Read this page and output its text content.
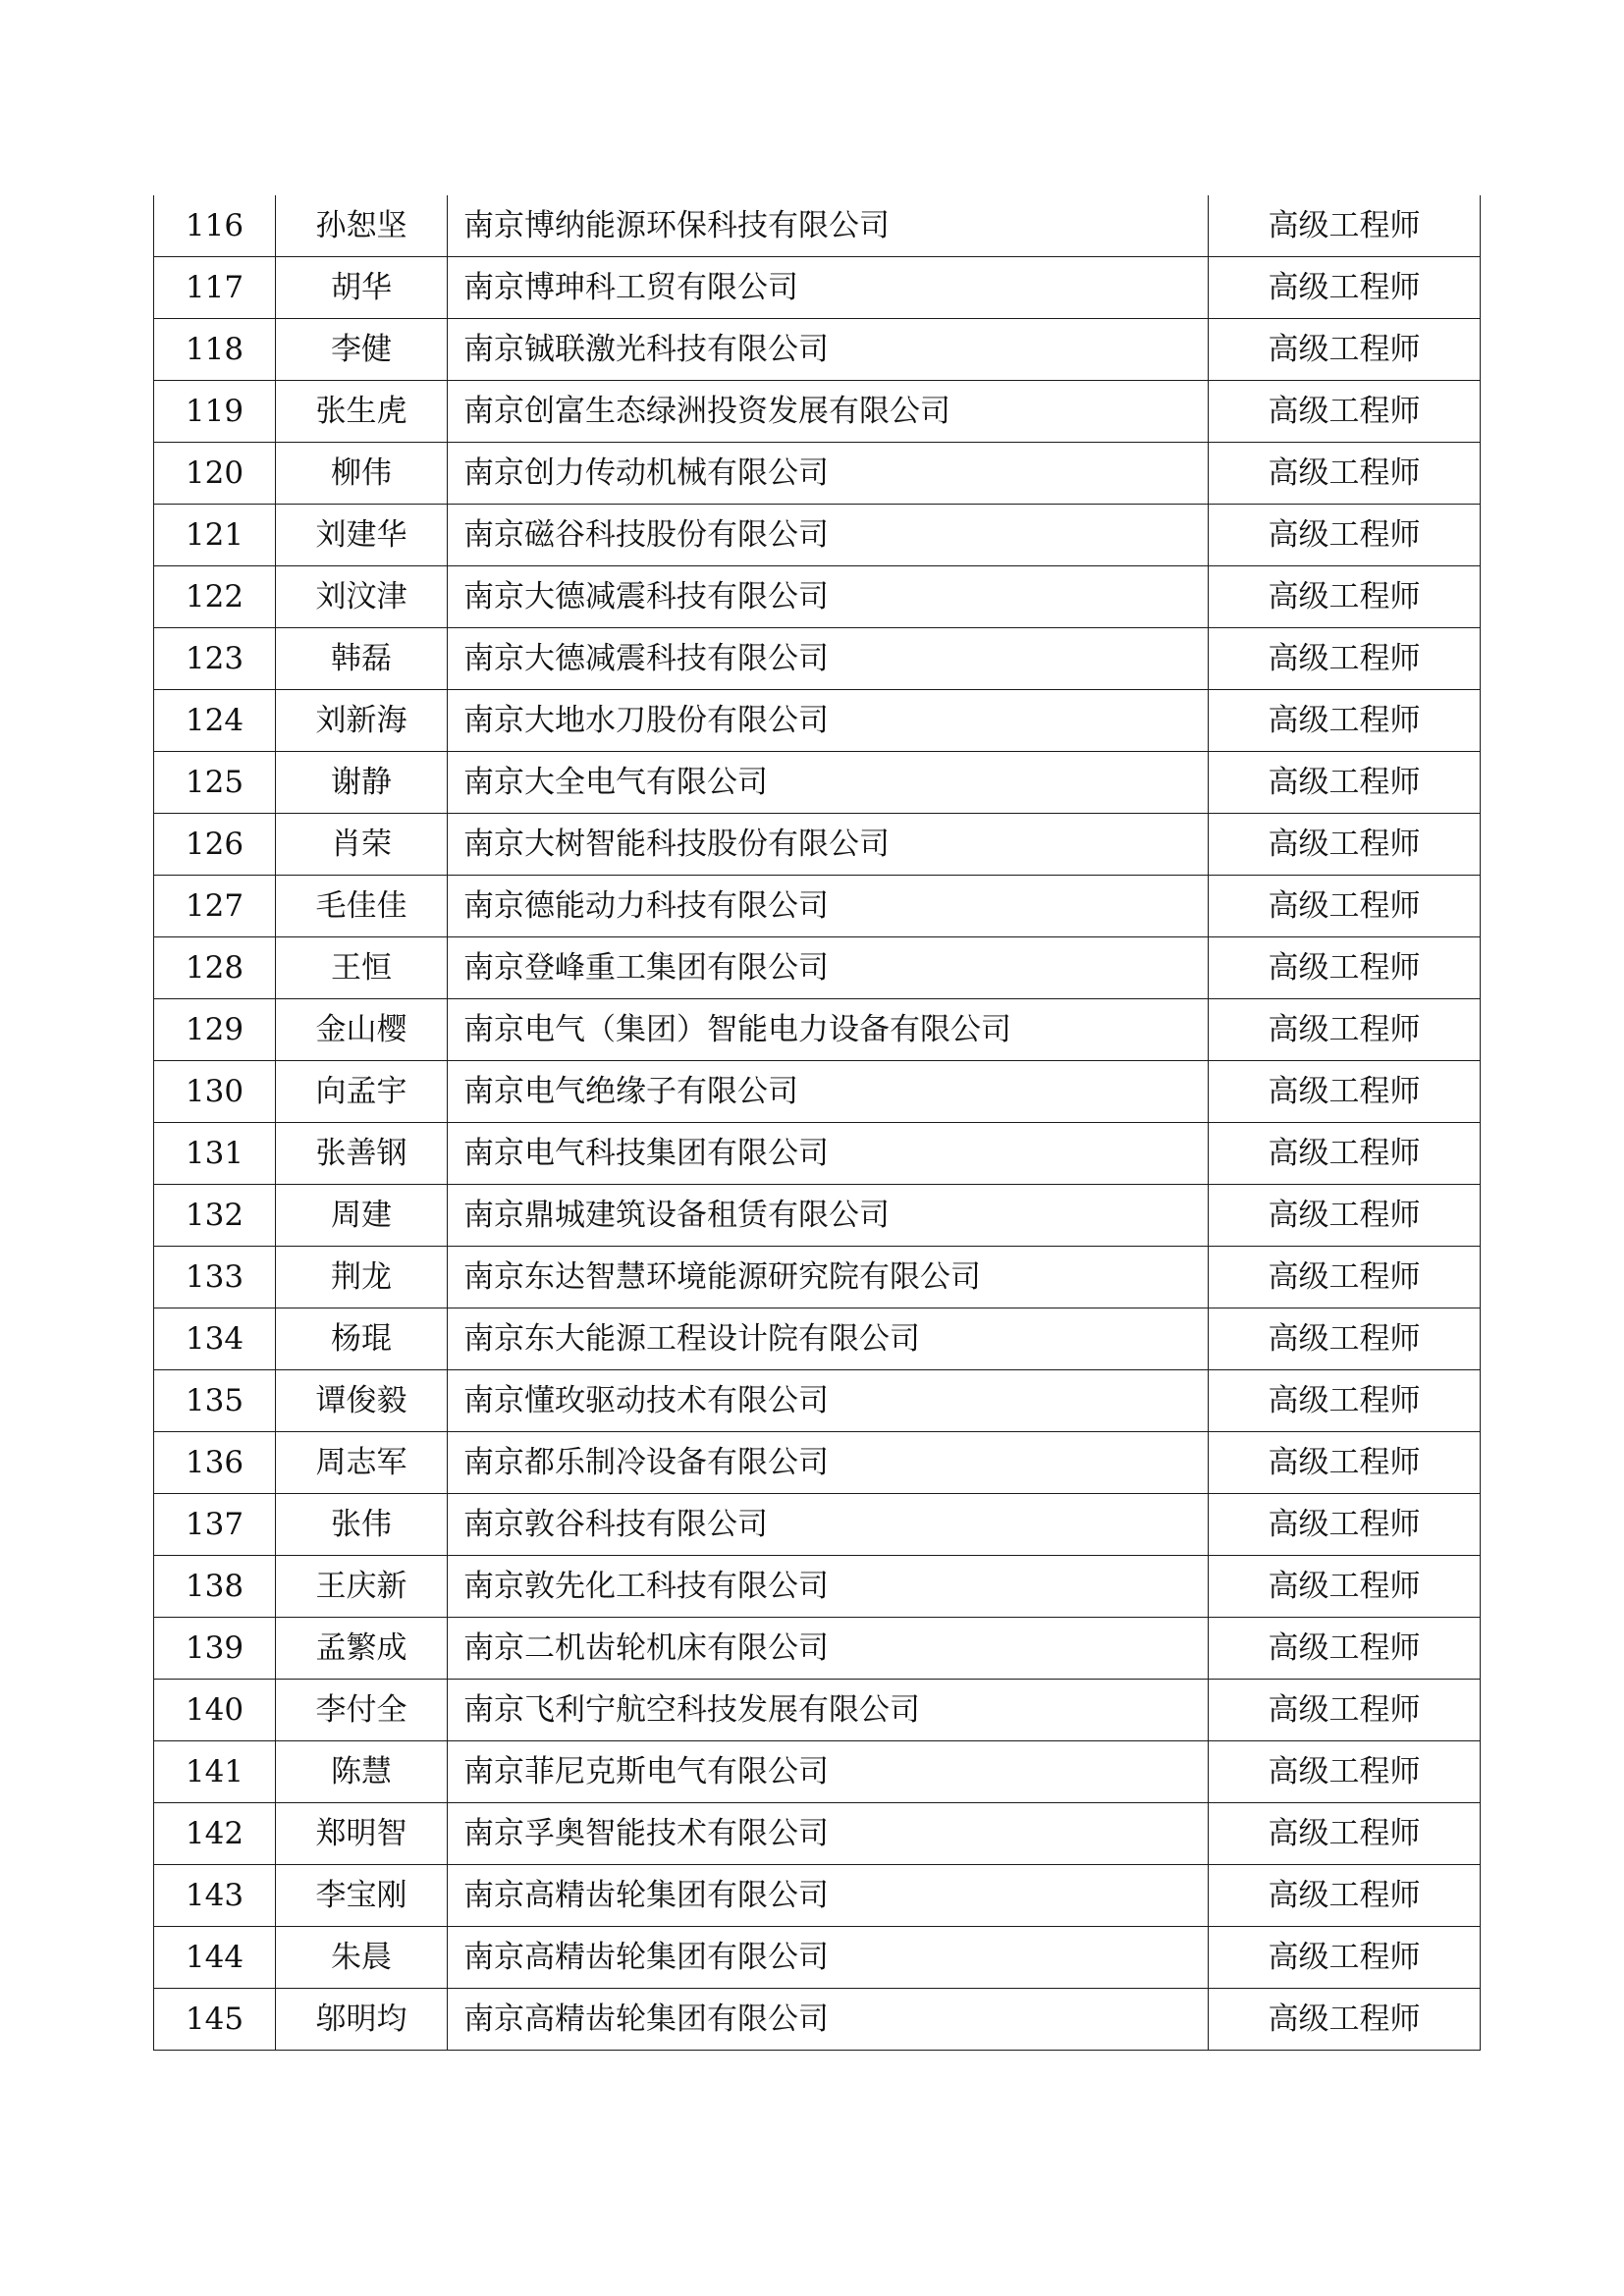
116	孙恕坚	南京博纳能源环保科技有限公司	高级工程师
117	胡华	南京博珅科工贸有限公司	高级工程师
118	李健	南京铖联激光科技有限公司	高级工程师
119	张生虎	南京创富生态绿洲投资发展有限公司	高级工程师
120	柳伟	南京创力传动机械有限公司	高级工程师
121	刘建华	南京磁谷科技股份有限公司	高级工程师
122	刘汶津	南京大德减震科技有限公司	高级工程师
123	韩磊	南京大德减震科技有限公司	高级工程师
124	刘新海	南京大地水刀股份有限公司	高级工程师
125	谢静	南京大全电气有限公司	高级工程师
126	肖荣	南京大树智能科技股份有限公司	高级工程师
127	毛佳佳	南京德能动力科技有限公司	高级工程师
128	王恒	南京登峰重工集团有限公司	高级工程师
129	金山樱	南京电气（集团）智能电力设备有限公司	高级工程师
130	向孟宇	南京电气绝缘子有限公司	高级工程师
131	张善钢	南京电气科技集团有限公司	高级工程师
132	周建	南京鼎城建筑设备租赁有限公司	高级工程师
133	荆龙	南京东达智慧环境能源研究院有限公司	高级工程师
134	杨琨	南京东大能源工程设计院有限公司	高级工程师
135	谭俊毅	南京懂玫驱动技术有限公司	高级工程师
136	周志军	南京都乐制冷设备有限公司	高级工程师
137	张伟	南京敦谷科技有限公司	高级工程师
138	王庆新	南京敦先化工科技有限公司	高级工程师
139	孟繁成	南京二机齿轮机床有限公司	高级工程师
140	李付全	南京飞利宁航空科技发展有限公司	高级工程师
141	陈慧	南京菲尼克斯电气有限公司	高级工程师
142	郑明智	南京孚奥智能技术有限公司	高级工程师
143	李宝刚	南京高精齿轮集团有限公司	高级工程师
144	朱晨	南京高精齿轮集团有限公司	高级工程师
145	邬明均	南京高精齿轮集团有限公司	高级工程师
